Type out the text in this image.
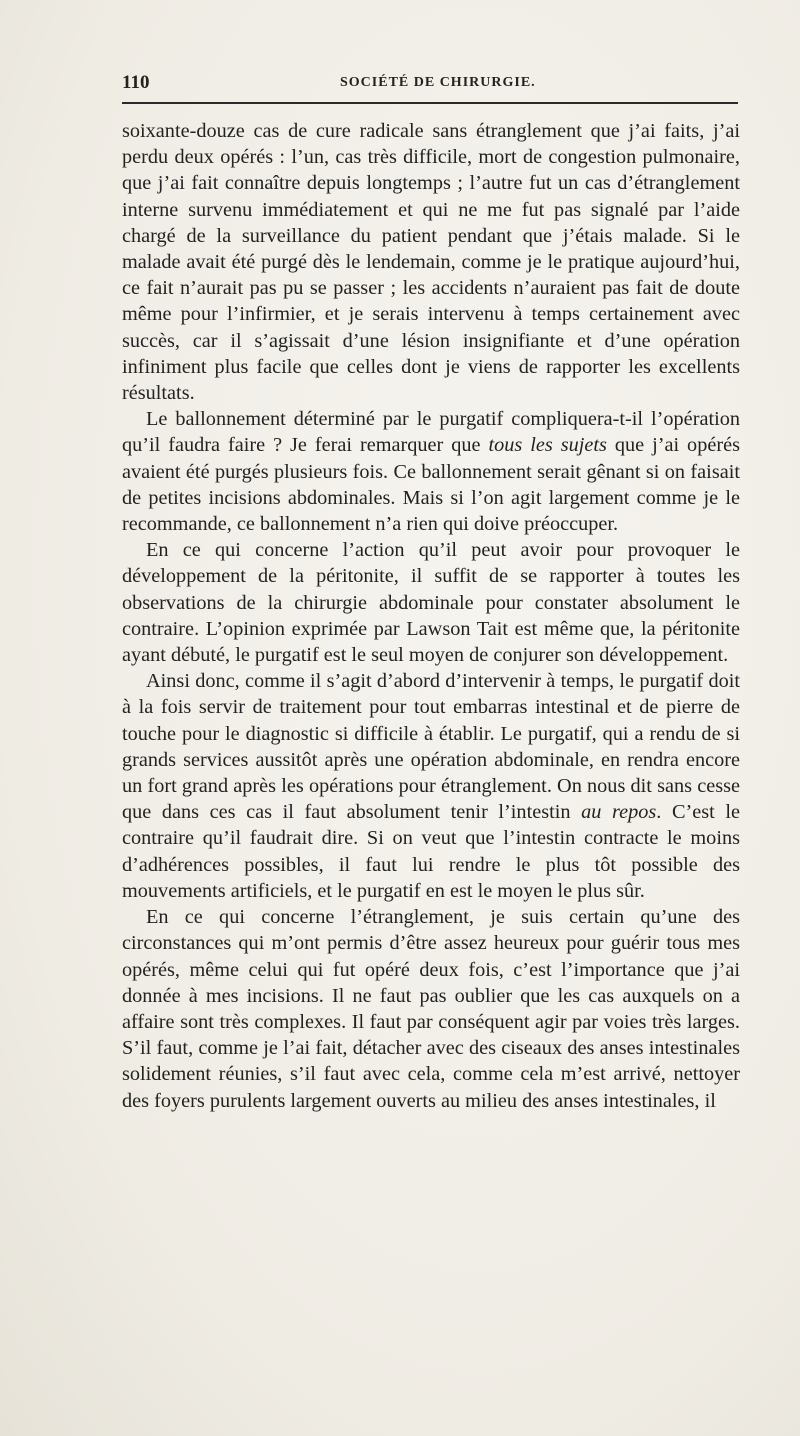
110	SOCIÉTÉ DE CHIRURGIE.

soixante-douze cas de cure radicale sans étranglement que j’ai faits, j’ai perdu deux opérés : l’un, cas très difficile, mort de congestion pulmonaire, que j’ai fait connaître depuis longtemps ; l’autre fut un cas d’étranglement interne survenu immédiatement et qui ne me fut pas signalé par l’aide chargé de la surveillance du patient pendant que j’étais malade. Si le malade avait été purgé dès le lendemain, comme je le pratique aujourd’hui, ce fait n’aurait pas pu se passer ; les accidents n’auraient pas fait de doute même pour l’infirmier, et je serais intervenu à temps certainement avec succès, car il s’agissait d’une lésion insignifiante et d’une opération infiniment plus facile que celles dont je viens de rapporter les excellents résultats.

Le ballonnement déterminé par le purgatif compliquera-t-il l’opération qu’il faudra faire ? Je ferai remarquer que tous les sujets que j’ai opérés avaient été purgés plusieurs fois. Ce ballonnement serait gênant si on faisait de petites incisions abdominales. Mais si l’on agit largement comme je le recommande, ce ballonnement n’a rien qui doive préoccuper.

En ce qui concerne l’action qu’il peut avoir pour provoquer le développement de la péritonite, il suffit de se rapporter à toutes les observations de la chirurgie abdominale pour constater absolument le contraire. L’opinion exprimée par Lawson Tait est même que, la péritonite ayant débuté, le purgatif est le seul moyen de conjurer son développement.

Ainsi donc, comme il s’agit d’abord d’intervenir à temps, le purgatif doit à la fois servir de traitement pour tout embarras intestinal et de pierre de touche pour le diagnostic si difficile à établir. Le purgatif, qui a rendu de si grands services aussitôt après une opération abdominale, en rendra encore un fort grand après les opérations pour étranglement. On nous dit sans cesse que dans ces cas il faut absolument tenir l’intestin au repos. C’est le contraire qu’il faudrait dire. Si on veut que l’intestin contracte le moins d’adhérences possibles, il faut lui rendre le plus tôt possible des mouvements artificiels, et le purgatif en est le moyen le plus sûr.

En ce qui concerne l’étranglement, je suis certain qu’une des circonstances qui m’ont permis d’être assez heureux pour guérir tous mes opérés, même celui qui fut opéré deux fois, c’est l’importance que j’ai donnée à mes incisions. Il ne faut pas oublier que les cas auxquels on a affaire sont très complexes. Il faut par conséquent agir par voies très larges. S’il faut, comme je l’ai fait, détacher avec des ciseaux des anses intestinales solidement réunies, s’il faut avec cela, comme cela m’est arrivé, nettoyer des foyers purulents largement ouverts au milieu des anses intestinales, il
